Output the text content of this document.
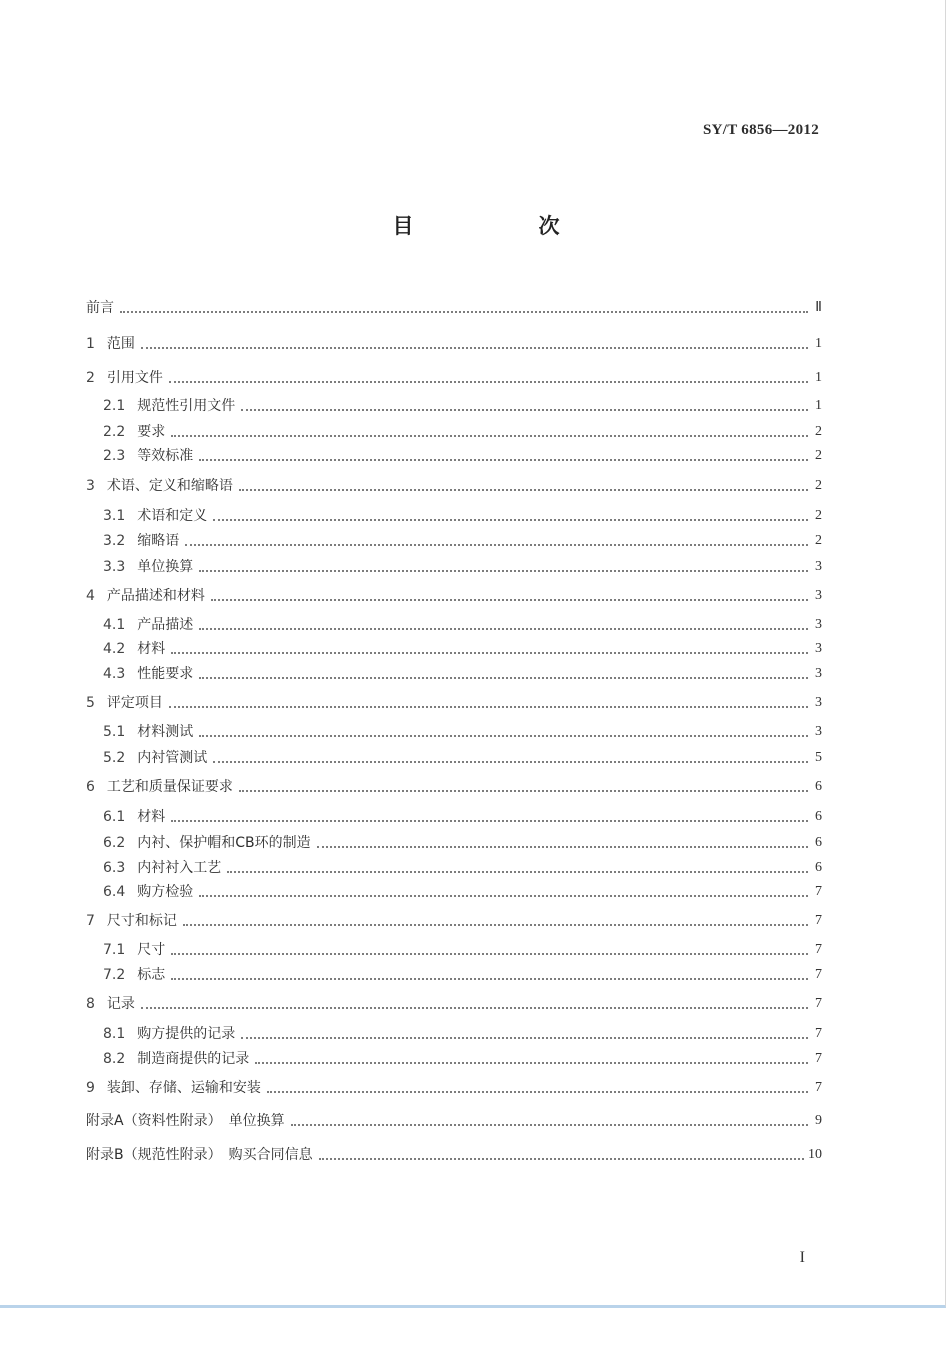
SY/T 6856—2012
目　次
前言	Ⅱ
1 范围	1
2 引用文件	1
2.1 规范性引用文件	1
2.2 要求	2
2.3 等效标准	2
3 术语、定义和缩略语	2
3.1 术语和定义	2
3.2 缩略语	2
3.3 单位换算	3
4 产品描述和材料	3
4.1 产品描述	3
4.2 材料	3
4.3 性能要求	3
5 评定项目	3
5.1 材料测试	3
5.2 内衬管测试	5
6 工艺和质量保证要求	6
6.1 材料	6
6.2 内衬、保护帽和CB环的制造	6
6.3 内衬衬入工艺	6
6.4 购方检验	7
7 尺寸和标记	7
7.1 尺寸	7
7.2 标志	7
8 记录	7
8.1 购方提供的记录	7
8.2 制造商提供的记录	7
9 装卸、存储、运输和安装	7
附录A（资料性附录）　单位换算	9
附录B（规范性附录）　购买合同信息	10
I
